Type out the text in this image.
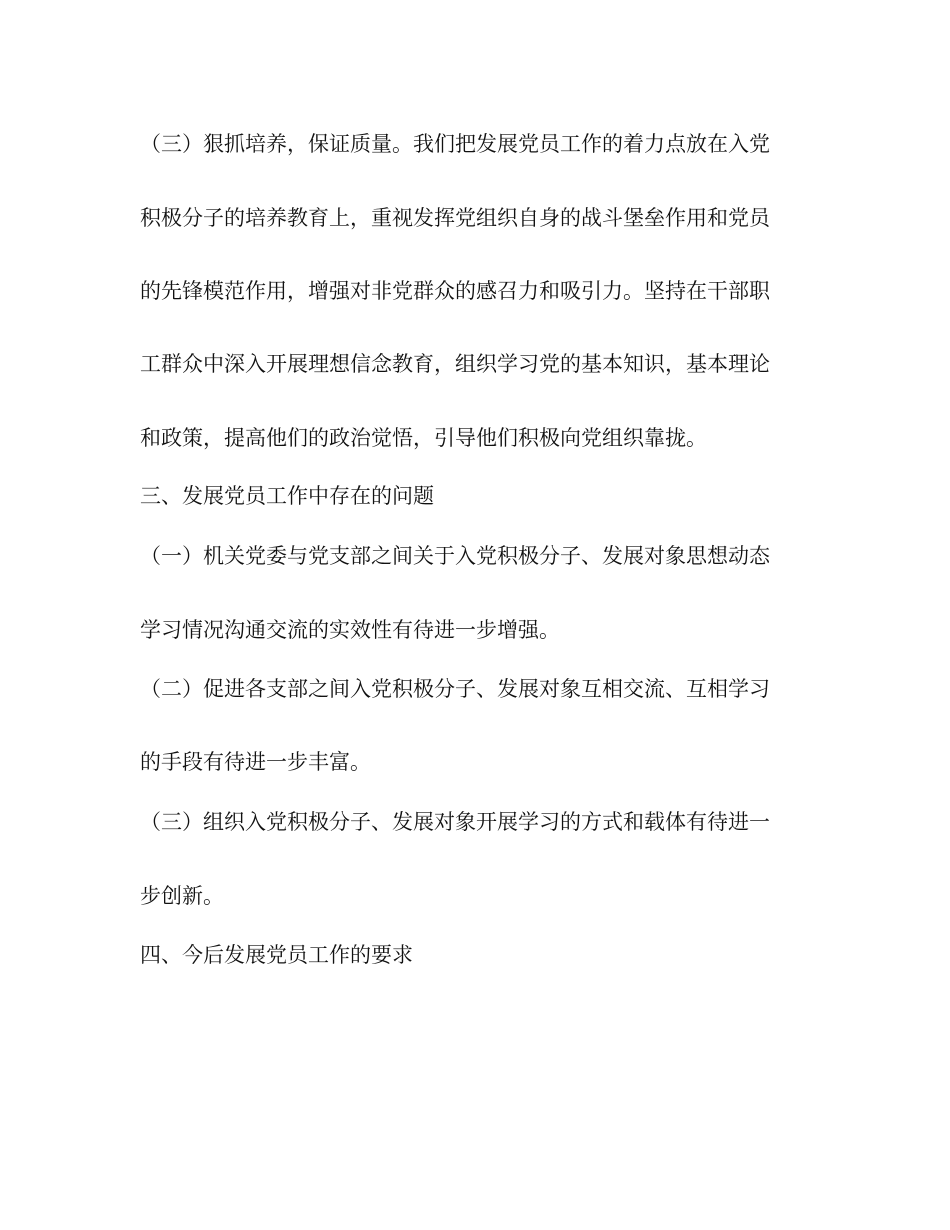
（三）狠抓培养，保证质量。我们把发展党员工作的着力点放在入党

积极分子的培养教育上，重视发挥党组织自身的战斗堡垒作用和党员

的先锋模范作用，增强对非党群众的感召力和吸引力。坚持在干部职

工群众中深入开展理想信念教育，组织学习党的基本知识，基本理论

和政策，提高他们的政治觉悟，引导他们积极向党组织靠拢。

三、发展党员工作中存在的问题

（一）机关党委与党支部之间关于入党积极分子、发展对象思想动态

学习情况沟通交流的实效性有待进一步增强。

（二）促进各支部之间入党积极分子、发展对象互相交流、互相学习

的手段有待进一步丰富。

（三）组织入党积极分子、发展对象开展学习的方式和载体有待进一

步创新。

四、今后发展党员工作的要求
